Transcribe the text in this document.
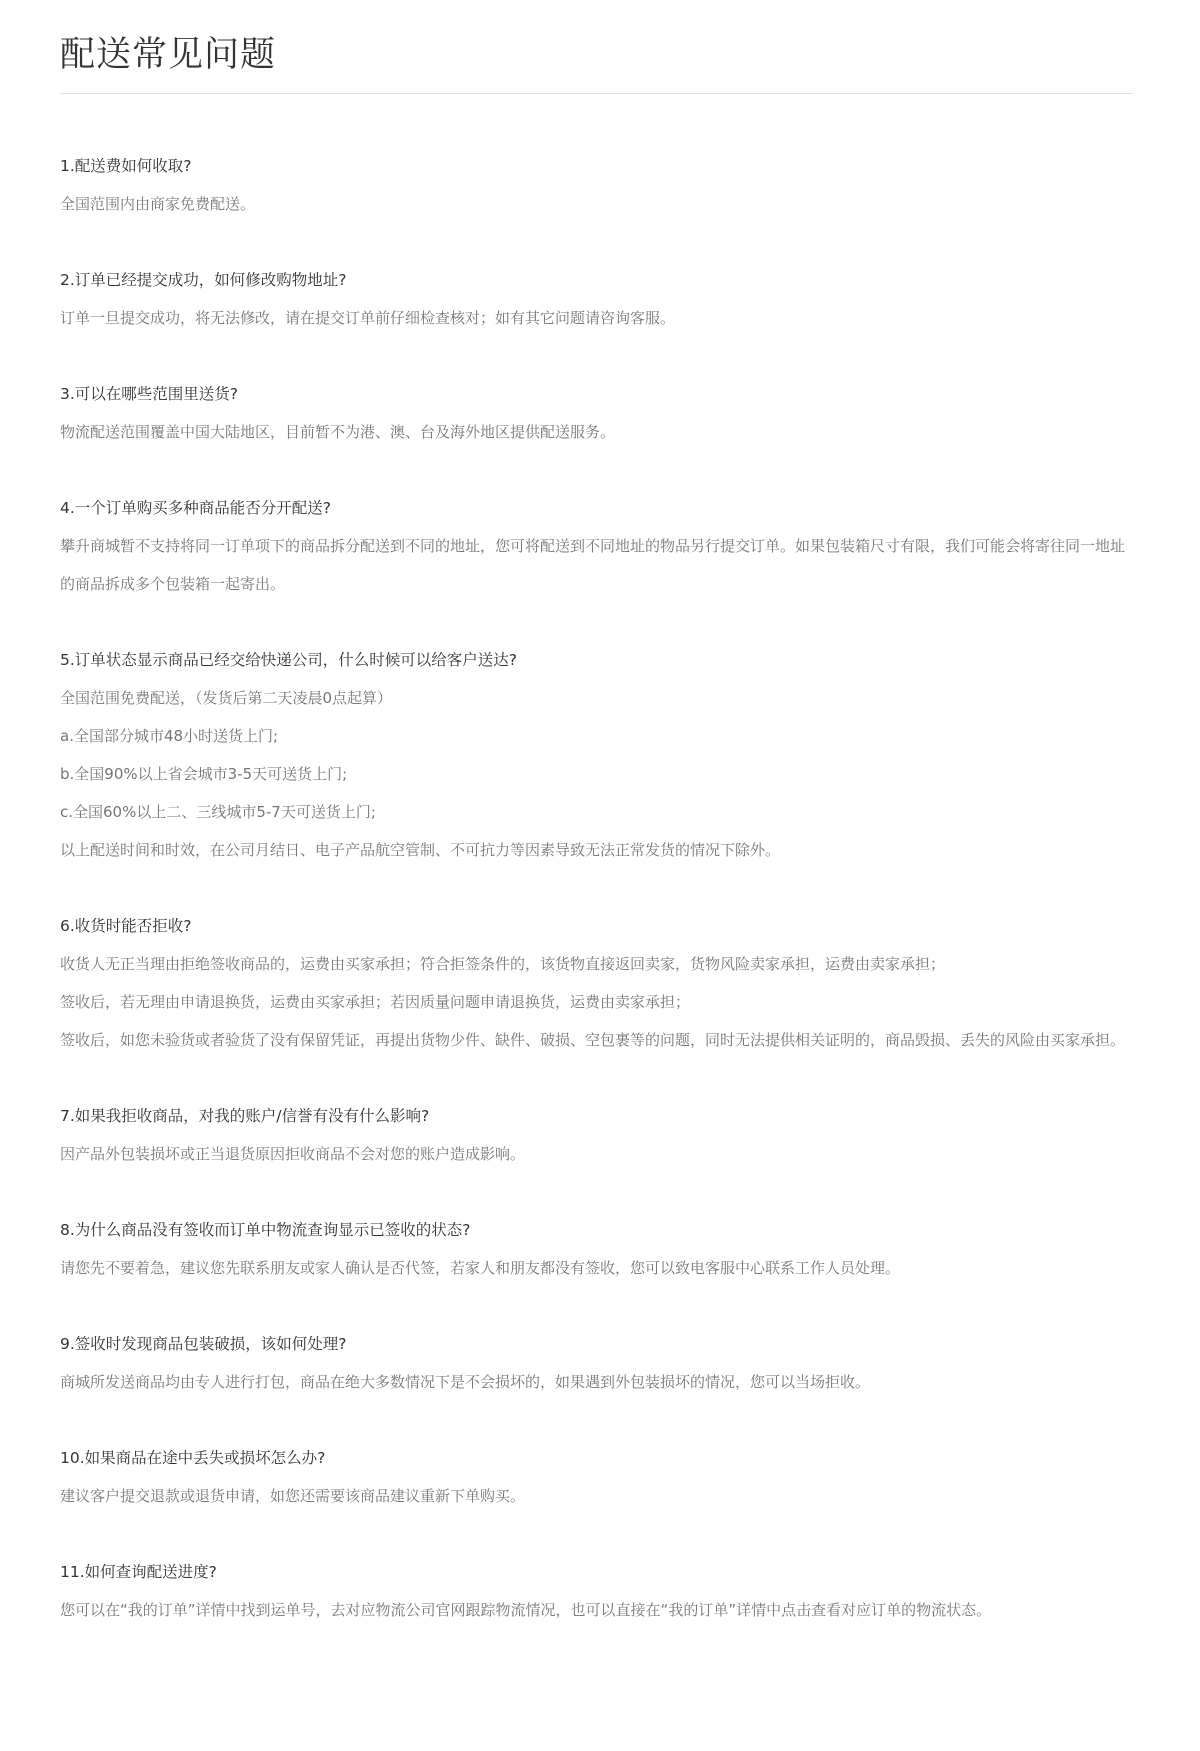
配送常见问题

1.配送费如何收取?

全国范围内由商家免费配送。

2.订单已经提交成功，如何修改购物地址?

订单一旦提交成功，将无法修改，请在提交订单前仔细检查核对；如有其它问题请咨询客服。

3.可以在哪些范围里送货?

物流配送范围覆盖中国大陆地区，目前暂不为港、澳、台及海外地区提供配送服务。

4.一个订单购买多种商品能否分开配送?

攀升商城暂不支持将同一订单项下的商品拆分配送到不同的地址，您可将配送到不同地址的物品另行提交订单。如果包装箱尺寸有限，我们可能会将寄往同一地址的商品拆成多个包装箱一起寄出。

5.订单状态显示商品已经交给快递公司，什么时候可以给客户送达?

全国范围免费配送，（发货后第二天凌晨0点起算）

a.全国部分城市48小时送货上门;

b.全国90%以上省会城市3-5天可送货上门;

c.全国60%以上二、三线城市5-7天可送货上门;

以上配送时间和时效，在公司月结日、电子产品航空管制、不可抗力等因素导致无法正常发货的情况下除外。

6.收货时能否拒收?

收货人无正当理由拒绝签收商品的，运费由买家承担；符合拒签条件的，该货物直接返回卖家，货物风险卖家承担，运费由卖家承担；

签收后，若无理由申请退换货，运费由买家承担；若因质量问题申请退换货，运费由卖家承担；

签收后，如您未验货或者验货了没有保留凭证，再提出货物少件、缺件、破损、空包裹等的问题，同时无法提供相关证明的，商品毁损、丢失的风险由买家承担。

7.如果我拒收商品，对我的账户/信誉有没有什么影响?

因产品外包装损坏或正当退货原因拒收商品不会对您的账户造成影响。

8.为什么商品没有签收而订单中物流查询显示已签收的状态?

请您先不要着急，建议您先联系朋友或家人确认是否代签，若家人和朋友都没有签收，您可以致电客服中心联系工作人员处理。

9.签收时发现商品包装破损，该如何处理?

商城所发送商品均由专人进行打包，商品在绝大多数情况下是不会损坏的，如果遇到外包装损坏的情况，您可以当场拒收。

10.如果商品在途中丢失或损坏怎么办?

建议客户提交退款或退货申请，如您还需要该商品建议重新下单购买。

11.如何查询配送进度?

您可以在“我的订单”详情中找到运单号，去对应物流公司官网跟踪物流情况，也可以直接在“我的订单”详情中点击查看对应订单的物流状态。
